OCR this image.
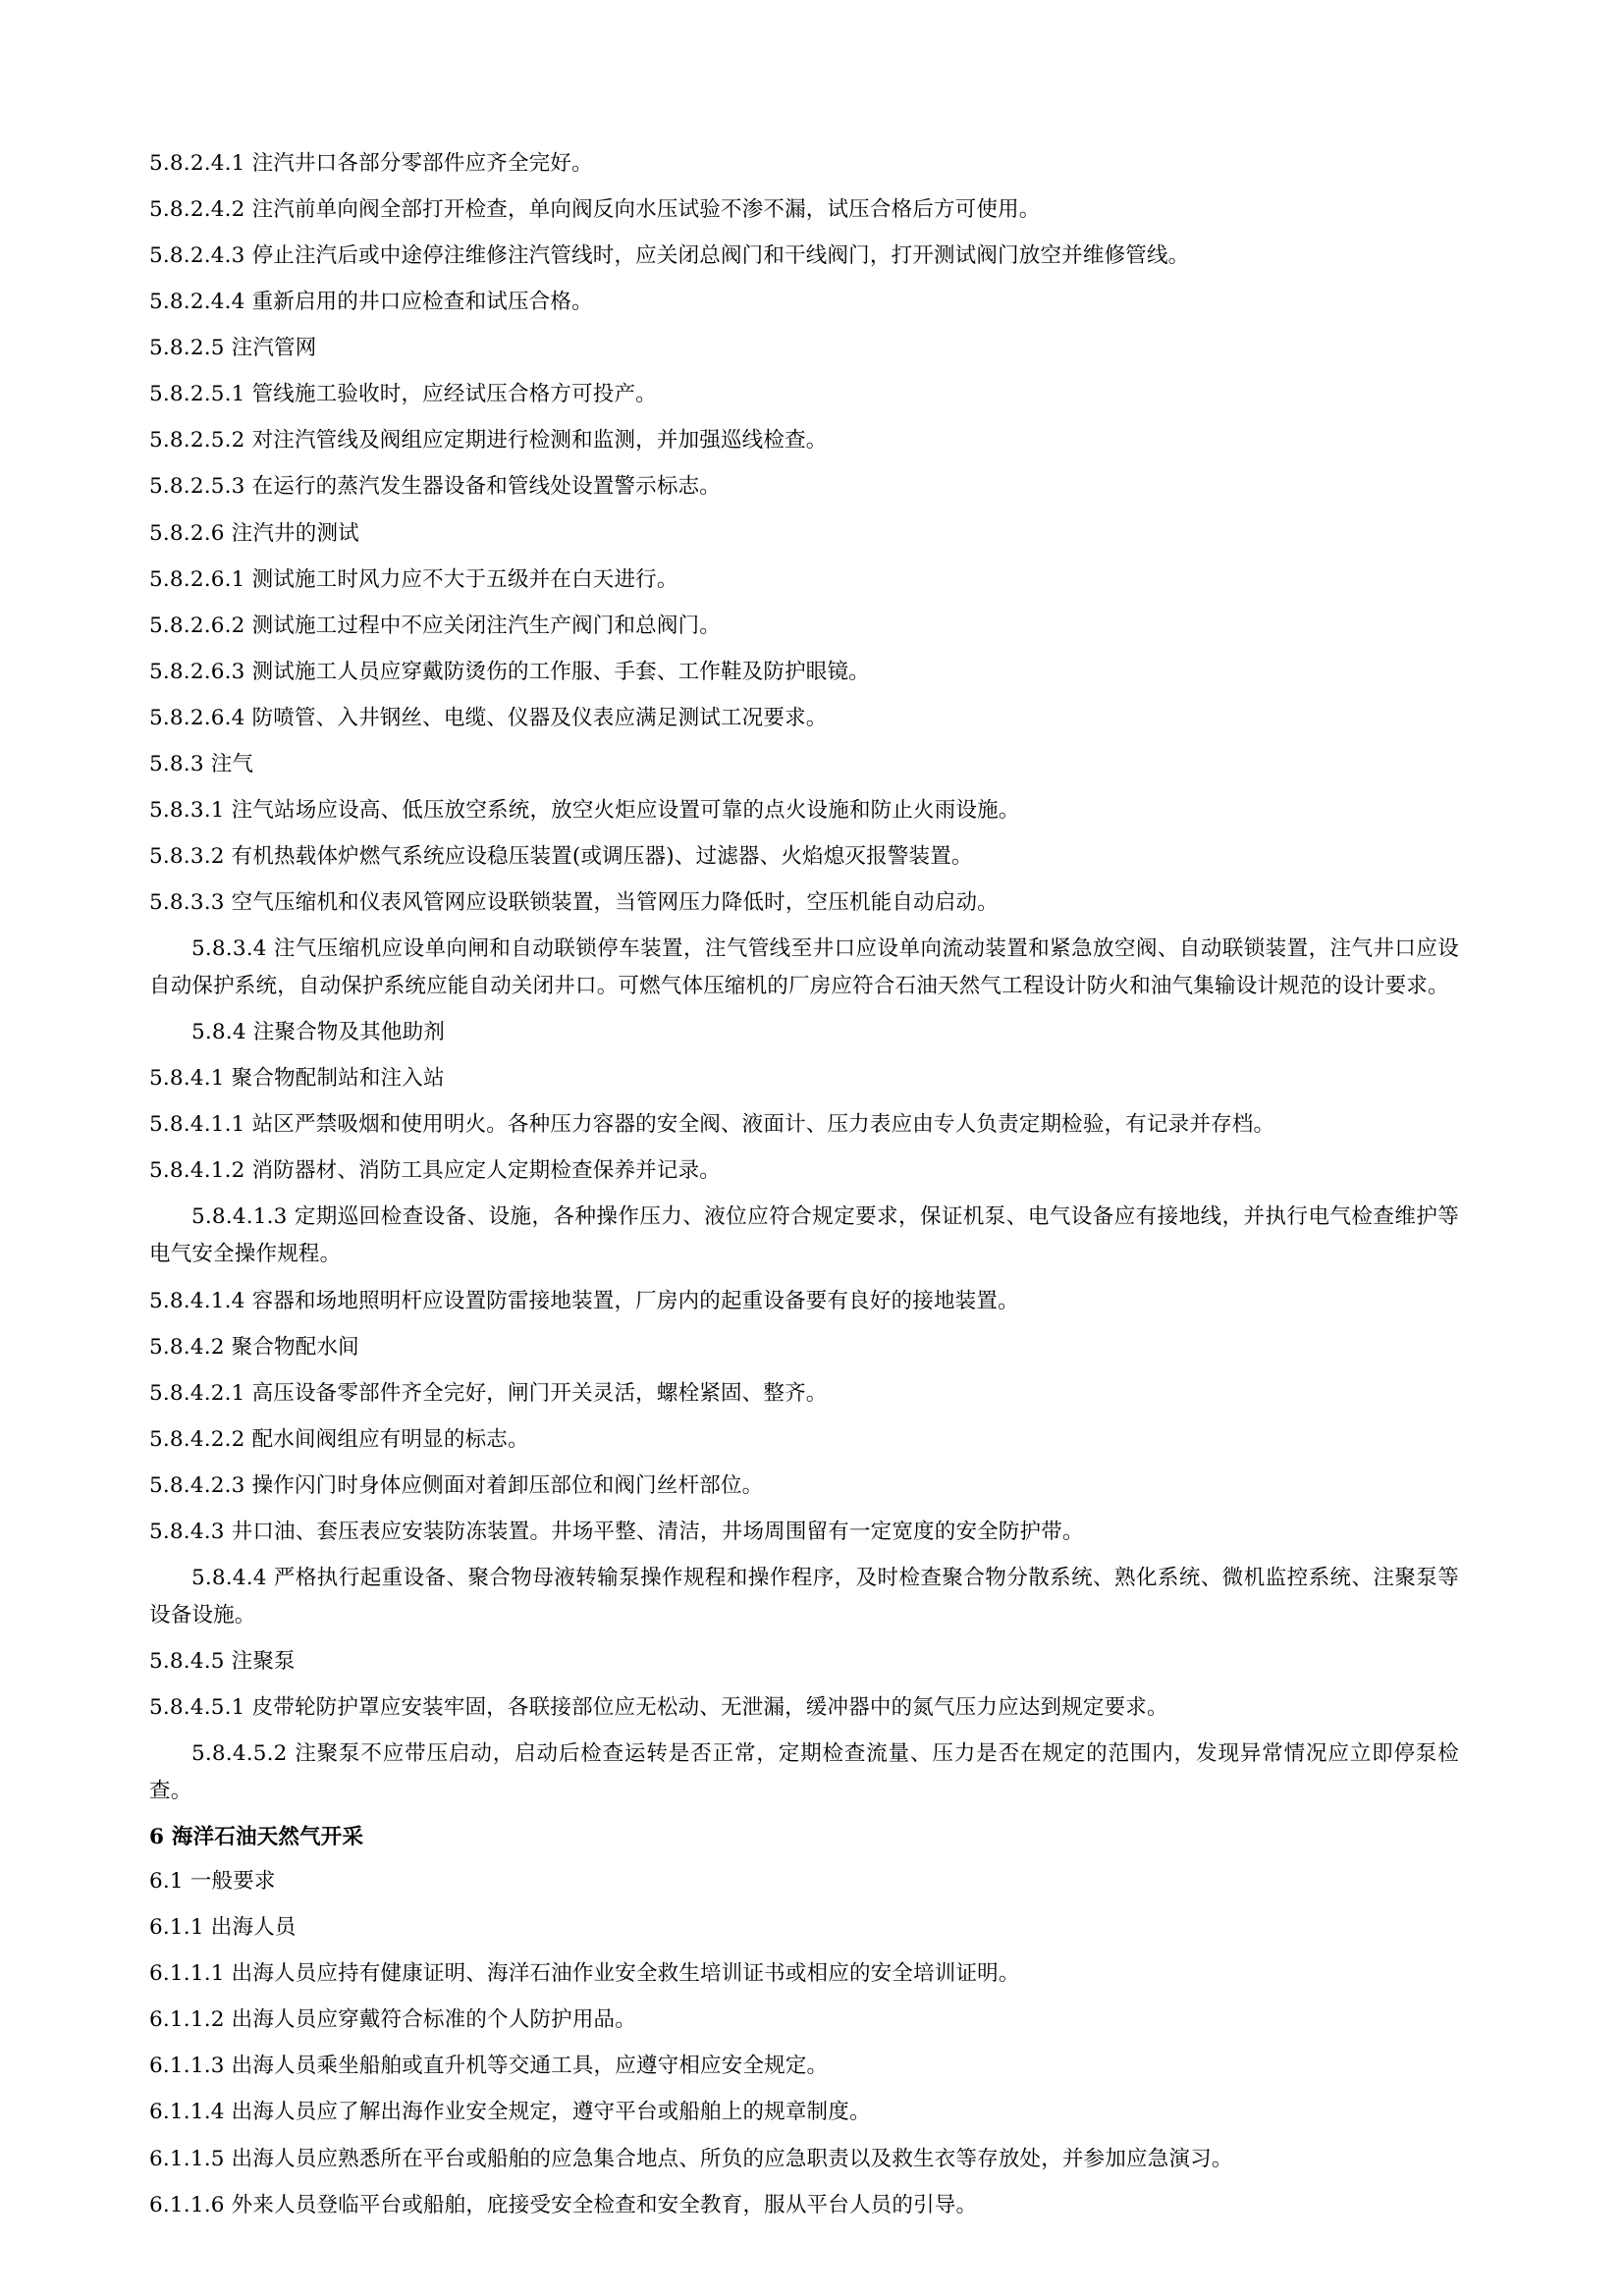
5.8.2.4.1 注汽井口各部分零部件应齐全完好。

5.8.2.4.2 注汽前单向阀全部打开检查，单向阀反向水压试验不渗不漏，试压合格后方可使用。

5.8.2.4.3 停止注汽后或中途停注维修注汽管线时，应关闭总阀门和干线阀门，打开测试阀门放空并维修管线。

5.8.2.4.4 重新启用的井口应检查和试压合格。

5.8.2.5 注汽管网

5.8.2.5.1 管线施工验收时，应经试压合格方可投产。

5.8.2.5.2 对注汽管线及阀组应定期进行检测和监测，并加强巡线检查。

5.8.2.5.3 在运行的蒸汽发生器设备和管线处设置警示标志。

5.8.2.6 注汽井的测试

5.8.2.6.1 测试施工时风力应不大于五级并在白天进行。

5.8.2.6.2 测试施工过程中不应关闭注汽生产阀门和总阀门。

5.8.2.6.3 测试施工人员应穿戴防烫伤的工作服、手套、工作鞋及防护眼镜。

5.8.2.6.4 防喷管、入井钢丝、电缆、仪器及仪表应满足测试工况要求。

5.8.3 注气

5.8.3.1 注气站场应设高、低压放空系统，放空火炬应设置可靠的点火设施和防止火雨设施。

5.8.3.2 有机热载体炉燃气系统应设稳压装置(或调压器)、过滤器、火焰熄灭报警装置。

5.8.3.3 空气压缩机和仪表风管网应设联锁装置，当管网压力降低时，空压机能自动启动。

5.8.3.4 注气压缩机应设单向闸和自动联锁停车装置，注气管线至井口应设单向流动装置和紧急放空阀、自动联锁装置，注气井口应设自动保护系统，自动保护系统应能自动关闭井口。可燃气体压缩机的厂房应符合石油天然气工程设计防火和油气集输设计规范的设计要求。

5.8.4 注聚合物及其他助剂

5.8.4.1 聚合物配制站和注入站

5.8.4.1.1 站区严禁吸烟和使用明火。各种压力容器的安全阀、液面计、压力表应由专人负责定期检验，有记录并存档。

5.8.4.1.2 消防器材、消防工具应定人定期检查保养并记录。

5.8.4.1.3 定期巡回检查设备、设施，各种操作压力、液位应符合规定要求，保证机泵、电气设备应有接地线，并执行电气检查维护等电气安全操作规程。

5.8.4.1.4 容器和场地照明杆应设置防雷接地装置，厂房内的起重设备要有良好的接地装置。

5.8.4.2 聚合物配水间

5.8.4.2.1 高压设备零部件齐全完好，闸门开关灵活，螺栓紧固、整齐。

5.8.4.2.2 配水间阀组应有明显的标志。

5.8.4.2.3 操作闪门时身体应侧面对着卸压部位和阀门丝杆部位。

5.8.4.3 井口油、套压表应安装防冻装置。井场平整、清洁，井场周围留有一定宽度的安全防护带。

5.8.4.4 严格执行起重设备、聚合物母液转输泵操作规程和操作程序，及时检查聚合物分散系统、熟化系统、微机监控系统、注聚泵等设备设施。

5.8.4.5 注聚泵

5.8.4.5.1 皮带轮防护罩应安装牢固，各联接部位应无松动、无泄漏，缓冲器中的氮气压力应达到规定要求。

5.8.4.5.2 注聚泵不应带压启动，启动后检查运转是否正常，定期检查流量、压力是否在规定的范围内，发现异常情况应立即停泵检查。

6 海洋石油天然气开采

6.1 一般要求

6.1.1 出海人员

6.1.1.1 出海人员应持有健康证明、海洋石油作业安全救生培训证书或相应的安全培训证明。

6.1.1.2 出海人员应穿戴符合标准的个人防护用品。

6.1.1.3 出海人员乘坐船舶或直升机等交通工具，应遵守相应安全规定。

6.1.1.4 出海人员应了解出海作业安全规定，遵守平台或船舶上的规章制度。

6.1.1.5 出海人员应熟悉所在平台或船舶的应急集合地点、所负的应急职责以及救生衣等存放处，并参加应急演习。

6.1.1.6 外来人员登临平台或船舶，庇接受安全检查和安全教育，服从平台人员的引导。
